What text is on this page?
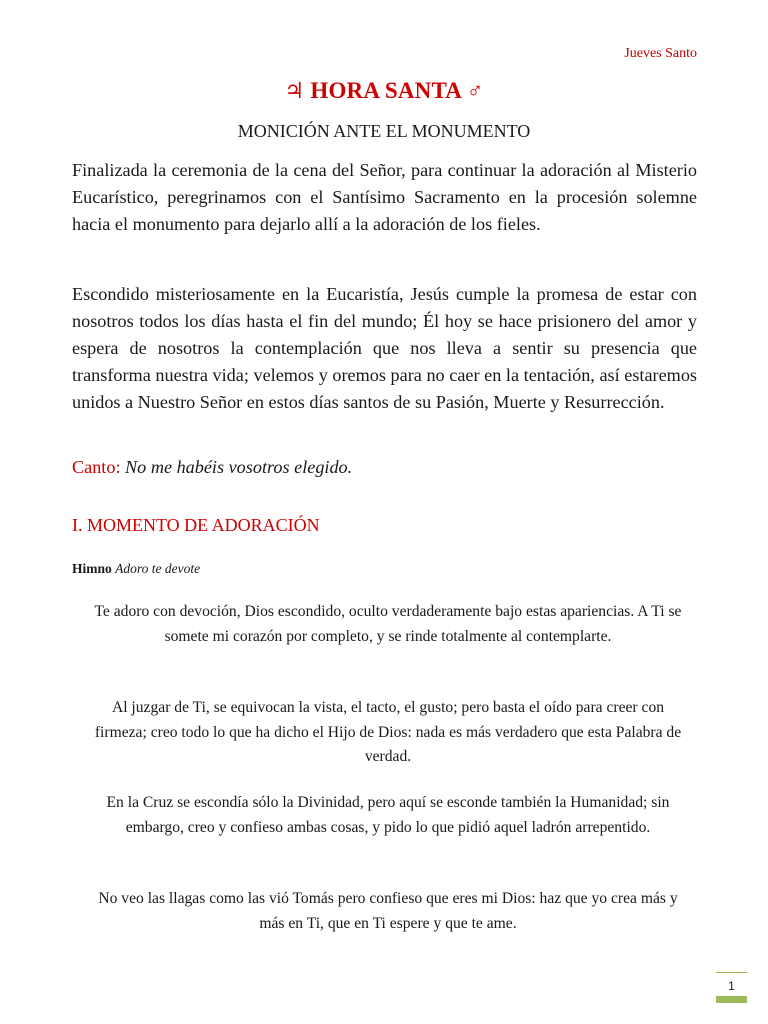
Jueves Santo
♃ HORA SANTA ♂
MONICIÓN ANTE EL MONUMENTO

Finalizada la ceremonia de la cena del Señor, para continuar la adoración al Misterio Eucarístico, peregrinamos con el Santísimo Sacramento en la procesión solemne hacia el monumento para dejarlo allí a la adoración de los fieles.

Escondido misteriosamente en la Eucaristía, Jesús cumple la promesa de estar con nosotros todos los días hasta el fin del mundo; Él hoy se hace prisionero del amor y espera de nosotros la contemplación que nos lleva a sentir su presencia que transforma nuestra vida; velemos y oremos para no caer en la tentación, así estaremos unidos a Nuestro Señor en estos días santos de su Pasión, Muerte y Resurrección.

Canto: No me habéis vosotros elegido.
I. MOMENTO DE ADORACIÓN
Himno Adoro te devote
Te adoro con devoción, Dios escondido, oculto verdaderamente bajo estas apariencias. A Ti se somete mi corazón por completo, y se rinde totalmente al contemplarte.
Al juzgar de Ti, se equivocan la vista, el tacto, el gusto; pero basta el oído para creer con firmeza; creo todo lo que ha dicho el Hijo de Dios: nada es más verdadero que esta Palabra de verdad.
En la Cruz se escondía sólo la Divinidad, pero aquí se esconde también la Humanidad; sin embargo, creo y confieso ambas cosas, y pido lo que pidió aquel ladrón arrepentido.
No veo las llagas como las vió Tomás pero confieso que eres mi Dios: haz que yo crea más y más en Ti, que en Ti espere y que te ame.
1
